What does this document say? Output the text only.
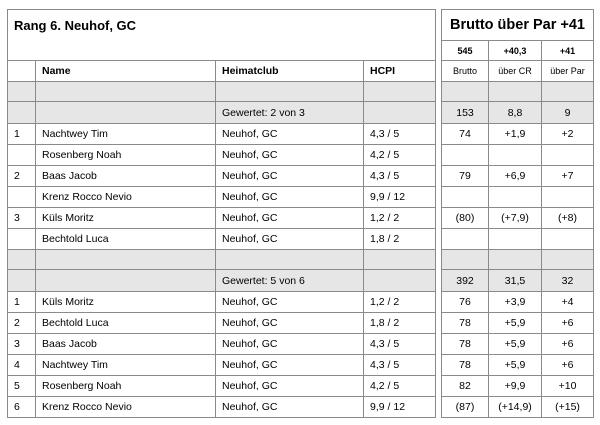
Rang 6. Neuhof, GC					Brutto über Par +41		
					545	+40,3	+41
	Name	Heimatclub	HCPI		Brutto	über CR	über Par

		Gewertet: 2 von 3			153	8,8	9
1	Nachtwey Tim	Neuhof, GC	4,3 / 5		74	+1,9	+2
	Rosenberg Noah	Neuhof, GC	4,2 / 5				
2	Baas Jacob	Neuhof, GC	4,3 / 5		79	+6,9	+7
	Krenz Rocco Nevio	Neuhof, GC	9,9 / 12				
3	Küls Moritz	Neuhof, GC	1,2 / 2		(80)	(+7,9)	(+8)
	Bechtold Luca	Neuhof, GC	1,8 / 2				

		Gewertet: 5 von 6			392	31,5	32
1	Küls Moritz	Neuhof, GC	1,2 / 2		76	+3,9	+4
2	Bechtold Luca	Neuhof, GC	1,8 / 2		78	+5,9	+6
3	Baas Jacob	Neuhof, GC	4,3 / 5		78	+5,9	+6
4	Nachtwey Tim	Neuhof, GC	4,3 / 5		78	+5,9	+6
5	Rosenberg Noah	Neuhof, GC	4,2 / 5		82	+9,9	+10
6	Krenz Rocco Nevio	Neuhof, GC	9,9 / 12		(87)	(+14,9)	(+15)
